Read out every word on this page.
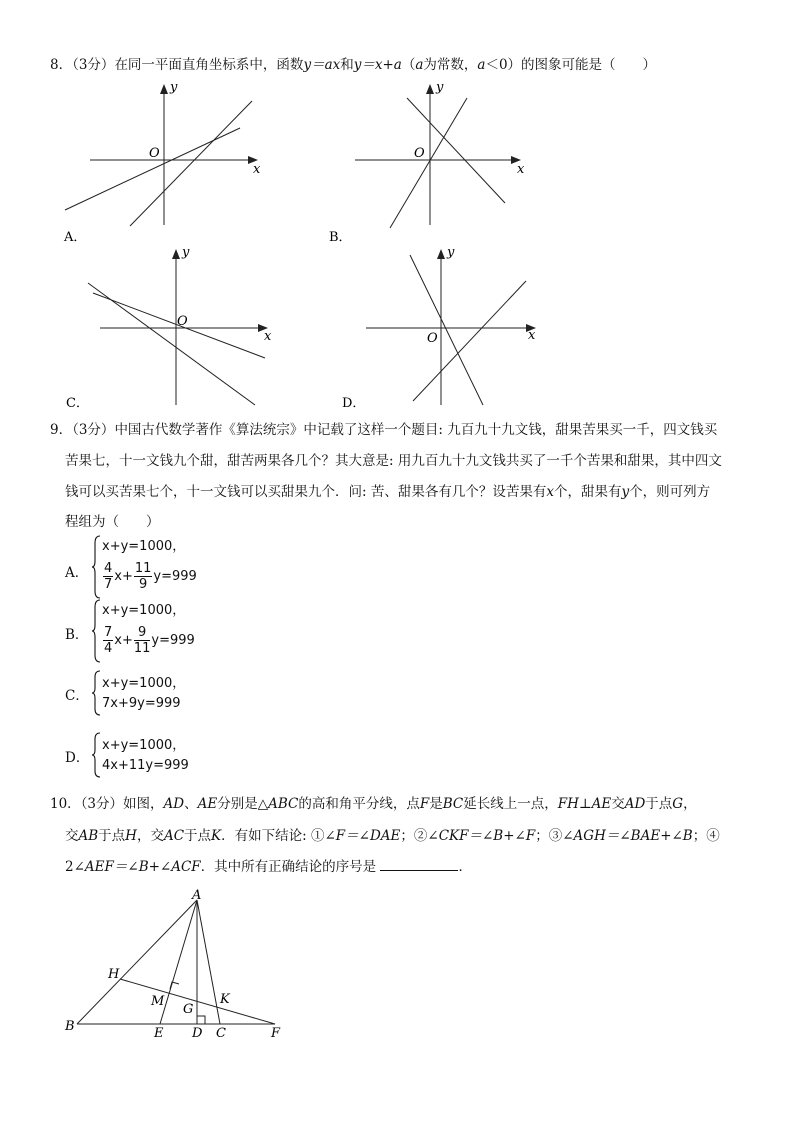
8．（3分）在同一平面直角坐标系中，函数y＝ax和y＝x+a（a为常数，a＜0）的图象可能是（　　）
O
x
y
A．
O
x
y
B．
O
x
y
C．
O	x
y
D．
9．（3分）中国古代数学著作《算法统宗》中记载了这样一个题目: 九百九十九文钱，甜果苦果买一千，四文钱买
苦果七，十一文钱九个甜，甜苦两果各几个？其大意是: 用九百九十九文钱共买了一千个苦果和甜果，其中四文
钱可以买苦果七个，十一文钱可以买甜果九个．问: 苦、甜果各有几个？设苦果有x个，甜果有y个，则可列方
程组为（　　）
A．
x+y=1000，
$\frac{4}{7} x+ \frac{11}{9} y=999$
B．
x+y=1000，
$\frac{7}{4} x+ \frac{9}{11} y=999$
C．
x+y=1000，
7x+9y=999
D．
x+y=1000，
4x+11y=999
10．（3分）如图，AD、AE分别是△ABC的高和角平分线，点F是BC延长线上一点，FH⊥AE交AD于点G，
交AB于点H，交AC于点K．有如下结论: ①∠F＝∠DAE；②∠CKF＝∠B+∠F；③∠AGH＝∠BAE+∠B；④
2∠AEF＝∠B+∠ACF．其中所有正确结论的序号是	．
A
B	C
D
E	F
G
H
K
M
